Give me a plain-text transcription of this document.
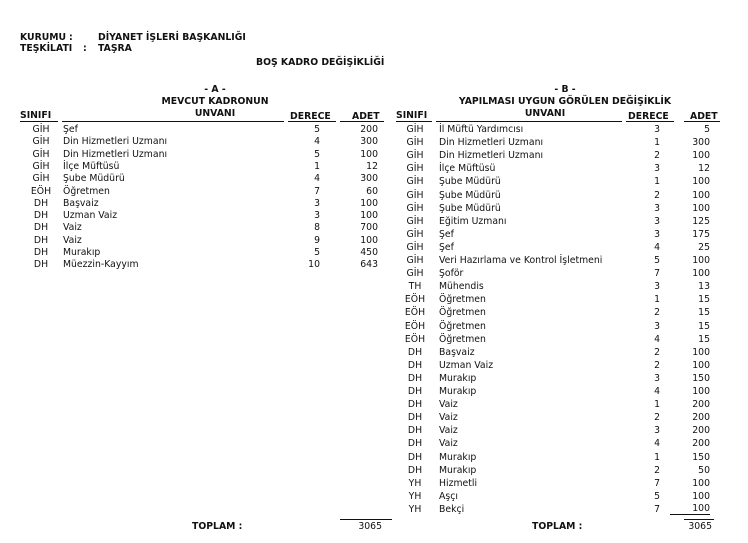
KURUMU :	DİYANET İŞLERİ BAŞKANLIĞI
TEŞKİLATI : TAŞRA
BOŞ KADRO DEĞİŞİKLİĞİ
- A -
MEVCUT KADRONUN
SINIFI	UNVANI	DERECE ADET
GİH	Şef	5	200
GİH	Din Hizmetleri Uzmanı	4	300
GİH	Din Hizmetleri Uzmanı	5	100
GİH	İlçe Müftüsü	1	12
GİH	Şube Müdürü	4	300
EÖH	Öğretmen	7	60
DH	Başvaiz	3	100
DH	Uzman Vaiz	3	100
DH	Vaiz	8	700
DH	Vaiz	9	100
DH	Murakıp	5	450
DH	Müezzin-Kayyım	10	643
TOPLAM :	3065
- B -
YAPILMASI UYGUN GÖRÜLEN DEĞİŞİKLİK
SINIFI	UNVANI	DERECE ADET
GİH	İl Müftü Yardımcısı	3	5
GİH	Din Hizmetleri Uzmanı	1	300
GİH	Din Hizmetleri Uzmanı	2	100
GİH	İlçe Müftüsü	3	12
GİH	Şube Müdürü	1	100
GİH	Şube Müdürü	2	100
GİH	Şube Müdürü	3	100
GİH	Eğitim Uzmanı	3	125
GİH	Şef	3	175
GİH	Şef	4	25
GİH	Veri Hazırlama ve Kontrol İşletmeni	5	100
GİH	Şoför	7	100
TH	Mühendis	3	13
EÖH	Öğretmen	1	15
EÖH	Öğretmen	2	15
EÖH	Öğretmen	3	15
EÖH	Öğretmen	4	15
DH	Başvaiz	2	100
DH	Uzman Vaiz	2	100
DH	Murakıp	3	150
DH	Murakıp	4	100
DH	Vaiz	1	200
DH	Vaiz	2	200
DH	Vaiz	3	200
DH	Vaiz	4	200
DH	Murakıp	1	150
DH	Murakıp	2	50
YH	Hizmetli	7	100
YH	Aşçı	5	100
YH	Bekçi	7	100
TOPLAM :	3065
